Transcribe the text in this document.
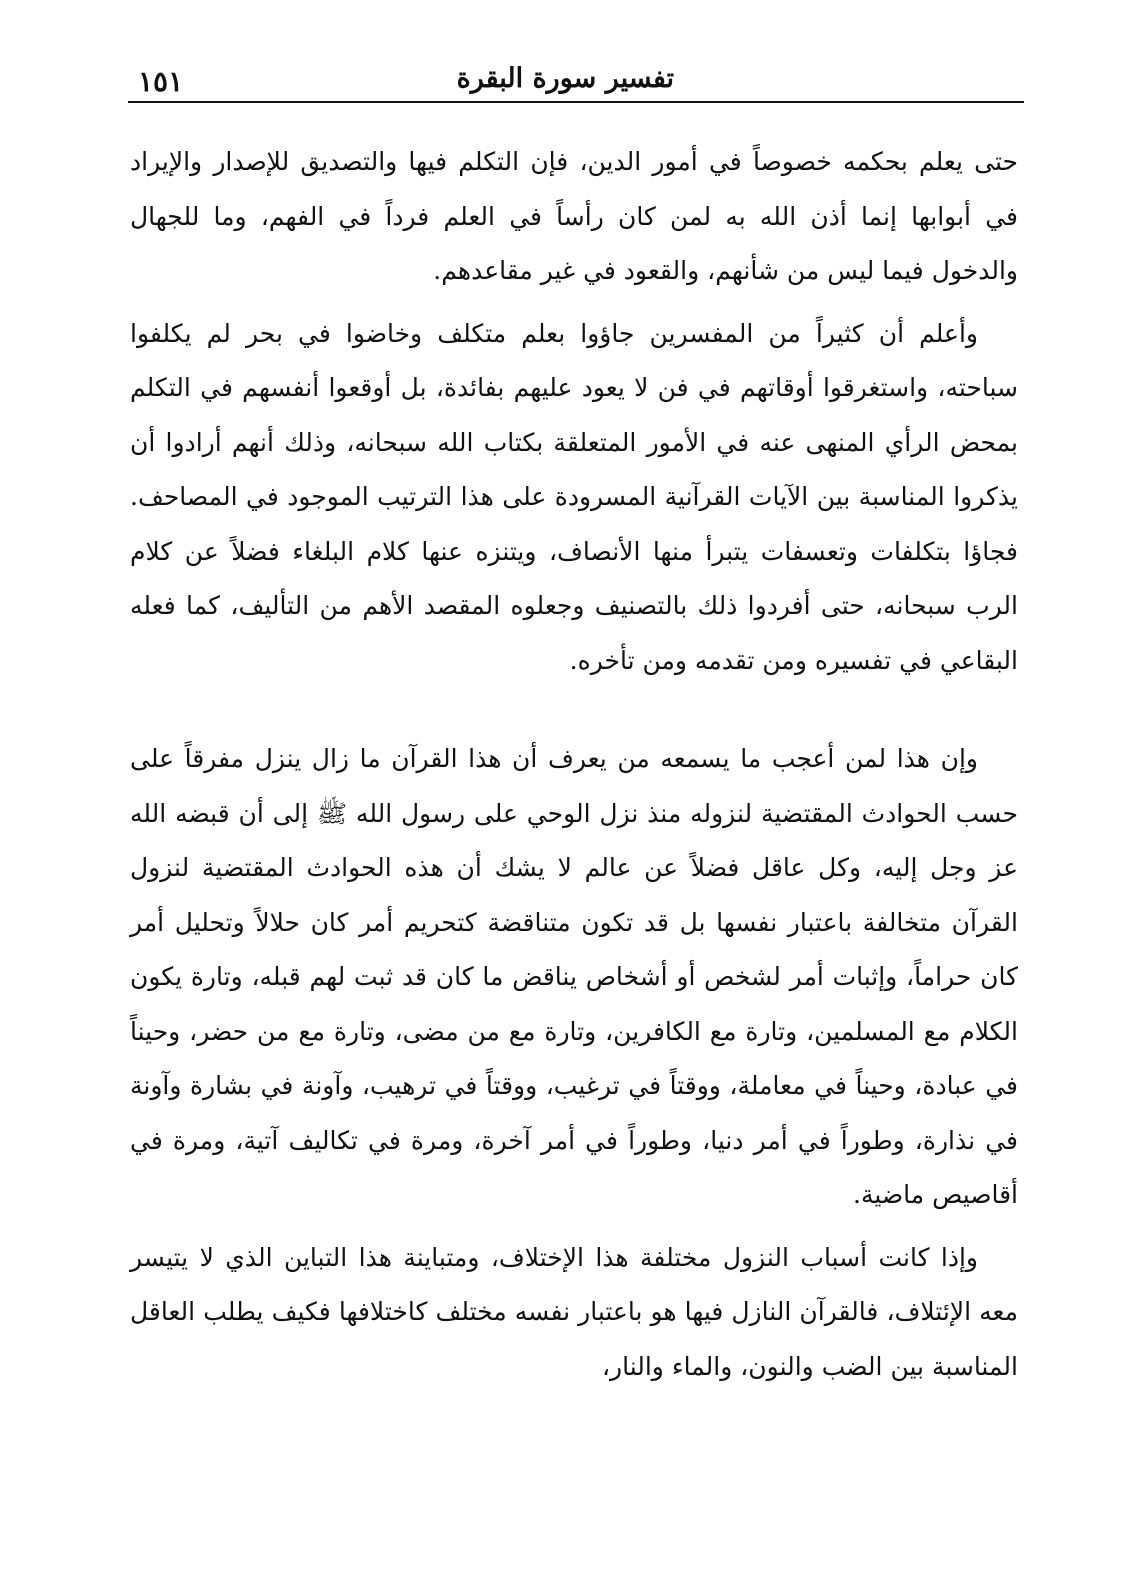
تفسير سورة البقرة
١٥١

حتى يعلم بحكمه خصوصاً في أمور الدين، فإن التكلم فيها والتصديق للإصدار والإيراد في أبوابها إنما أذن الله به لمن كان رأساً في العلم فرداً في الفهم، وما للجهال والدخول فيما ليس من شأنهم، والقعود في غير مقاعدهم.

وأعلم أن كثيراً من المفسرين جاؤوا بعلم متكلف وخاضوا في بحر لم يكلفوا سباحته، واستغرقوا أوقاتهم في فن لا يعود عليهم بفائدة، بل أوقعوا أنفسهم في التكلم بمحض الرأي المنهى عنه في الأمور المتعلقة بكتاب الله سبحانه، وذلك أنهم أرادوا أن يذكروا المناسبة بين الآيات القرآنية المسرودة على هذا الترتيب الموجود في المصاحف. فجاؤا بتكلفات وتعسفات يتبرأ منها الأنصاف، ويتنزه عنها كلام البلغاء فضلاً عن كلام الرب سبحانه، حتى أفردوا ذلك بالتصنيف وجعلوه المقصد الأهم من التأليف، كما فعله البقاعي في تفسيره ومن تقدمه ومن تأخره.

وإن هذا لمن أعجب ما يسمعه من يعرف أن هذا القرآن ما زال ينزل مفرقاً على حسب الحوادث المقتضية لنزوله منذ نزل الوحي على رسول الله ﷺ إلى أن قبضه الله عز وجل إليه، وكل عاقل فضلاً عن عالم لا يشك أن هذه الحوادث المقتضية لنزول القرآن متخالفة باعتبار نفسها بل قد تكون متناقضة كتحريم أمر كان حلالاً وتحليل أمر كان حراماً، وإثبات أمر لشخص أو أشخاص يناقض ما كان قد ثبت لهم قبله، وتارة يكون الكلام مع المسلمين، وتارة مع الكافرين، وتارة مع من مضى، وتارة مع من حضر، وحيناً في عبادة، وحيناً في معاملة، ووقتاً في ترغيب، ووقتاً في ترهيب، وآونة في بشارة وآونة في نذارة، وطوراً في أمر دنيا، وطوراً في أمر آخرة، ومرة في تكاليف آتية، ومرة في أقاصيص ماضية.

وإذا كانت أسباب النزول مختلفة هذا الإختلاف، ومتباينة هذا التباين الذي لا يتيسر معه الإئتلاف، فالقرآن النازل فيها هو باعتبار نفسه مختلف كاختلافها فكيف يطلب العاقل المناسبة بين الضب والنون، والماء والنار،
